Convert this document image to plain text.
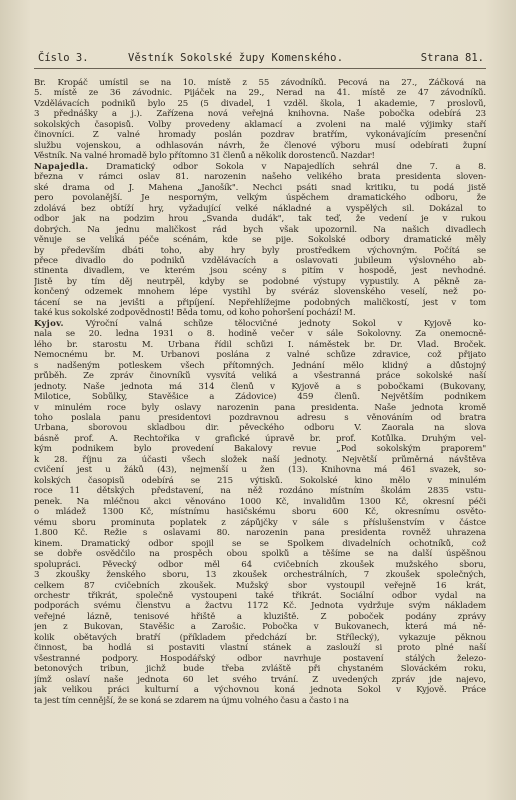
Číslo 3.	Věstník Sokolské župy Komenského.	Strana 81.
Br. Kropáč umístil se na 10. místě z 55 závodníků. Pecová na 27., Žáčková na
5. místě ze 36 závodnic. Pijáček na 29., Nerad na 41. místě ze 47 závodníků.
Vzdělávacích podniků bylo 25 (5 divadel, 1 vzděl. škola, 1 akademie, 7 proslovů,
3 přednášky a j.). Zařízena nová veřejná knihovna. Naše pobočka odebírá 23
sokolských časopisů. Volby provedeny aklamací a zvoleni na malé výjimky staří
činovníci. Z valné hromady poslán pozdrav bratřím, vykonávajícím presenční
službu vojenskou, a odhlasován návrh, že členové výboru musí odebírati župní
Věstník. Na valné hromadě bylo přítomno 31 členů a několik dorostenců. Nazdar!
Napajedla. Dramatický odbor Sokola v Napajedlích sehrál dne 7. a 8.
března v rámci oslav 81. narozenin našeho velikého brata presidenta sloven-
ské drama od J. Mahena „Janošík". Nechci psáti snad kritiku, tu podá jistě
pero povolanější. Je nesporným, velkým úspěchem dramatického odboru, že
zdolává bez obtíží hry, vyžadující velké nákladné a vyspělých sil. Dokázal to
odbor jak na podzim hrou „Švanda dudák", tak teď, že vedení je v rukou
dobrých. Na jednu maličkost rád bych však upozornil. Na našich divadlech
věnuje se veliká péče scénám, kde se pije. Sokolské odbory dramatické měly
by především dbáti toho, aby hry byly prostředkem výchovným. Počítá se
přece divadlo do podniků vzdělávacích a oslavovati jubileum výslovného ab-
stinenta divadlem, ve kterém jsou scény s pitím v hospodě, jest nevhodné.
Jistě by tím děj neutrpěl, kdyby se podobné výstupy vypustily. A pěkně za-
končený odzemek mnohem lépe vystihl by svéráz slovenského veselí, než po-
tácení se na jevišti a připíjení. Nepřehlížejme podobných maličkostí, jest v tom
také kus sokolské zodpovědnosti! Běda tomu, od koho pohoršení pochází! M.
Kyjov. Výroční valná schůze tělocvičné jednoty Sokol v Kyjově ko-
nala se 20. ledna 1931 o 8. hodině večer v sále Sokolovny. Za onemocně-
lého br. starostu M. Urbana řídil schůzi I. náměstek br. Dr. Vlad. Broček.
Nemocnému br. M. Urbanovi poslána z valné schůze zdravice, což přijato
s nadšeným potleskem všech přítomných. Jednání mělo klidný a důstojný
průběh. Ze zpráv činovníků vysvítá veliká a všestranná práce sokolské naší
jednoty. Naše jednota má 314 členů v Kyjově a s pobočkami (Bukovany,
Milotice, Sobůlky, Stavěšice a Žádovice) 459 členů. Největším podnikem
v minulém roce byly oslavy narozenin pana presidenta. Naše jednota kromě
toho poslala panu presidentovi pozdravnou adresu s věnováním od bratra
Urbana, sborovou skladbou dir. pěveckého odboru V. Zaorala na slova
básně prof. A. Rechtořika v grafické úpravě br. prof. Kotůlka. Druhým vel-
kým podnikem bylo provedení Bakalovy revue „Pod sokolským praporem"
k 28. říjnu za účasti všech složek naší jednoty. Největší průměrná návštěva
cvičení jest u žáků (43), nejmenší u žen (13). Knihovna má 461 svazek, so-
kolských časopisů odebírá se 215 výtisků. Sokolské kino mělo v minulém
roce 11 dětských představení, na něž rozdáno místním školám 2835 vstu-
penek. Na mléčnou akci věnováno 1000 Kč, invalidům 1300 Kč, okresní péči
o mládež 1300 Kč, místnímu hasičskému sboru 600 Kč, okresnímu osvěto-
vému sboru prominuta poplatek z zápůjčky v sále s příslušenstvím v částce
1.800 Kč. Režie s oslavami 80. narozenin pana presidenta rovněž uhrazena
kinem. Dramatický odbor spojil se se Spolkem divadelních ochotníků, což
se dobře osvědčilo na prospěch obou spolků a těšíme se na další úspěšnou
spolupráci. Pěvecký odbor měl 64 cvičebních zkoušek mužského sboru,
3 zkoušky ženského sboru, 13 zkoušek orchestrálních, 7 zkoušek společných,
celkem 87 cvičebních zkoušek. Mužský sbor vystoupil veřejně 16 krát,
orchestr třikrát, společně vystoupeni také třikrát. Sociální odbor vydal na
podporách svému členstvu a žactvu 1172 Kč. Jednota vydržuje svým nákladem
veřejné lázně, tenisové hřiště a kluziště. Z poboček podány zprávy
jen z Bukovan, Stavěšic a Žarošic. Pobočka v Bukovanech, která má ně-
kolik obětavých bratří (příkladem předchází br. Střílecký), vykazuje pěknou
činnost, ba hodlá si postaviti vlastní stánek a zaslouží si proto plné naší
všestranné podpory. Hospodářský odbor navrhuje postavení stálých železo-
betonových tribun, jichž bude třeba zvláště při chystaném Slováckém roku,
jímž oslaví naše jednota 60 let svého trvání. Z uvedených zpráv jde najevo,
jak velikou práci kulturní a výchovnou koná jednota Sokol v Kyjově. Práce
ta jest tím cennější, že se koná se zdarem na újmu volného času a často i na
